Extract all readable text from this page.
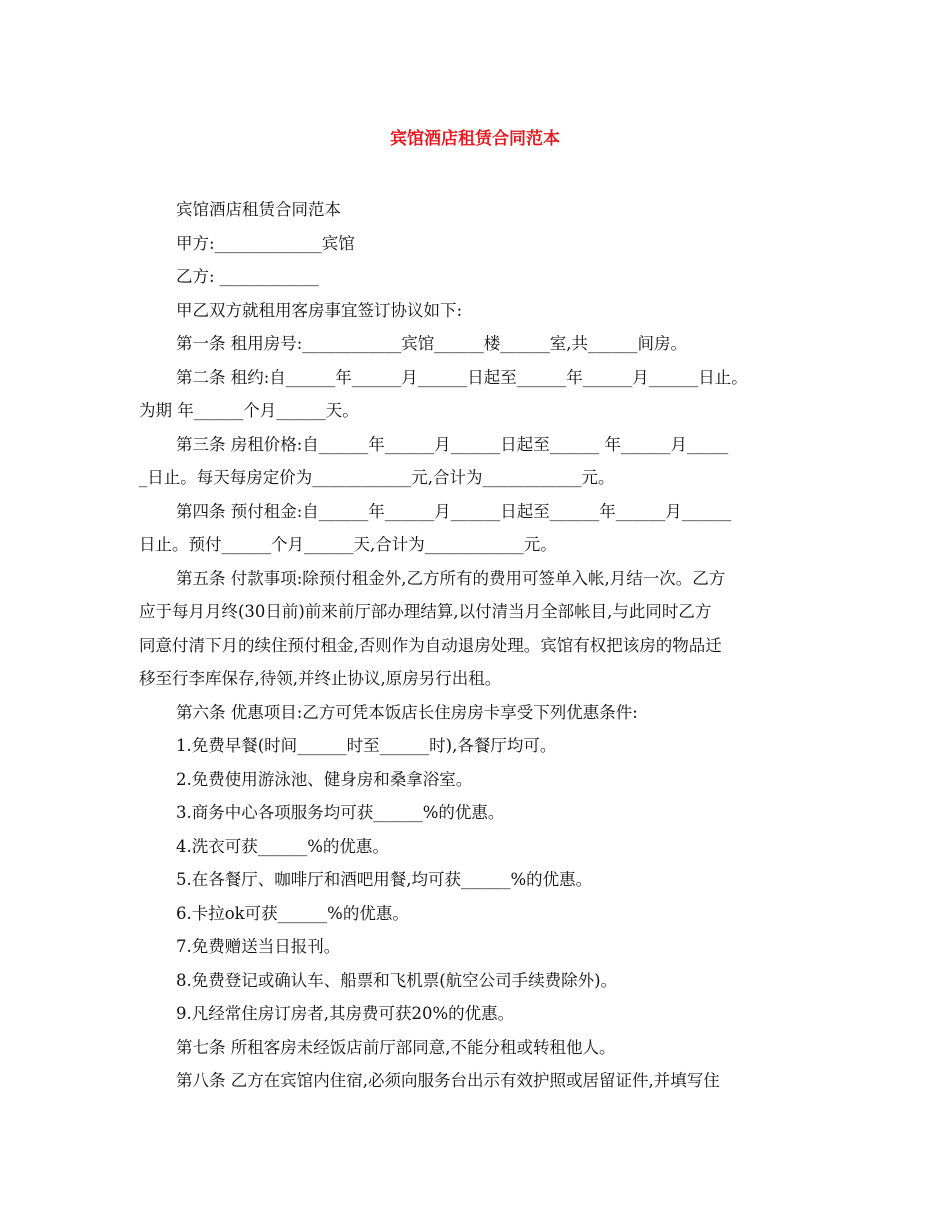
宾馆酒店租赁合同范本
宾馆酒店租赁合同范本
甲方:_____________宾馆
乙方: ____________
甲乙双方就租用客房事宜签订协议如下:
第一条 租用房号:____________宾馆______楼______室,共______间房。
第二条 租约:自______年______月______日起至______年______月______日止。
为期 年______个月______天。
第三条 房租价格:自______年______月______日起至______ 年______月_____
_日止。每天每房定价为____________元,合计为____________元。
第四条 预付租金:自______年______月______日起至______年______月______
日止。预付______个月______天,合计为____________元。
第五条 付款事项:除预付租金外,乙方所有的费用可签单入帐,月结一次。乙方
应于每月月终(30日前)前来前厅部办理结算,以付清当月全部帐目,与此同时乙方
同意付清下月的续住预付租金,否则作为自动退房处理。宾馆有权把该房的物品迁
移至行李库保存,待领,并终止协议,原房另行出租。
第六条 优惠项目:乙方可凭本饭店长住房房卡享受下列优惠条件:
1.免费早餐(时间______时至______时),各餐厅均可。
2.免费使用游泳池、健身房和桑拿浴室。
3.商务中心各项服务均可获______%的优惠。
4.洗衣可获______%的优惠。
5.在各餐厅、咖啡厅和酒吧用餐,均可获______%的优惠。
6.卡拉ok可获______%的优惠。
7.免费赠送当日报刊。
8.免费登记或确认车、船票和飞机票(航空公司手续费除外)。
9.凡经常住房订房者,其房费可获20%的优惠。
第七条 所租客房未经饭店前厅部同意,不能分租或转租他人。
第八条 乙方在宾馆内住宿,必须向服务台出示有效护照或居留证件,并填写住
